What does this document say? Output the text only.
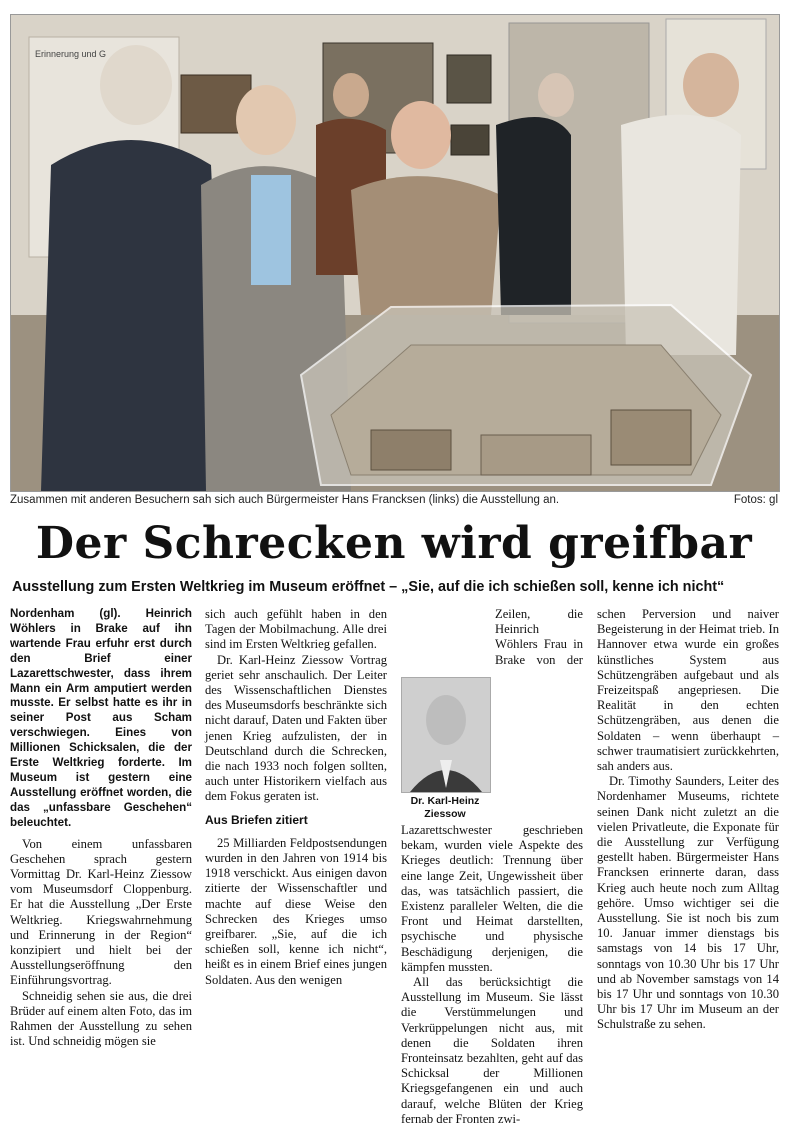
Erinnerung und G
Zusammen mit anderen Besuchern sah sich auch Bürgermeister Hans Francksen (links) die Ausstellung an.	Fotos: gl
Der Schrecken wird greifbar
Ausstellung zum Ersten Weltkrieg im Museum eröffnet – „Sie, auf die ich schießen soll, kenne ich nicht“

Nordenham (gl). Heinrich Wöhlers in Brake auf ihn wartende Frau erfuhr erst durch den Brief einer Lazarettschwester, dass ihrem Mann ein Arm amputiert werden musste. Er selbst hatte es ihr in seiner Post aus Scham verschwiegen. Eines von Millionen Schicksalen, die der Erste Weltkrieg forderte. Im Museum ist gestern eine Ausstellung eröffnet worden, die das „unfassbare Geschehen“ beleuchtet.

Von einem unfassbaren Geschehen sprach gestern Vormittag Dr. Karl-Heinz Ziessow vom Museumsdorf Cloppenburg. Er hat die Ausstellung „Der Erste Weltkrieg. Kriegswahrnehmung und Erinnerung in der Region“ konzipiert und hielt bei der Ausstellungseröffnung den Einführungsvortrag.

Schneidig sehen sie aus, die drei Brüder auf einem alten Foto, das im Rahmen der Ausstellung zu sehen ist. Und schneidig mögen sie

sich auch gefühlt haben in den Tagen der Mobilmachung. Alle drei sind im Ersten Weltkrieg gefallen.

Dr. Karl-Heinz Ziessow Vortrag geriet sehr anschaulich. Der Leiter des Wissenschaftlichen Dienstes des Museumsdorfs beschränkte sich nicht darauf, Daten und Fakten über jenen Krieg aufzulisten, der in Deutschland durch die Schrecken, die nach 1933 noch folgen sollten, auch unter Historikern vielfach aus dem Fokus geraten ist.

Aus Briefen zitiert

25 Milliarden Feldpostsendungen wurden in den Jahren von 1914 bis 1918 verschickt. Aus einigen davon zitierte der Wissenschaftler und machte auf diese Weise den Schrecken des Krieges umso greifbarer. „Sie, auf die ich schießen soll, kenne ich nicht“, heißt es in einem Brief eines jungen Soldaten. Aus den wenigen

Zeilen, die Heinrich Wöhlers Frau in Brake von der Lazarettschwester geschrieben bekam, wurden viele Aspekte des Krieges deutlich: Trennung über eine lange Zeit, Ungewissheit über das, was tatsächlich passiert, die Existenz paralleler Welten, die die Front und Heimat darstellten, psychische und physische Beschädigung derjenigen, die kämpfen mussten.

All das berücksichtigt die Ausstellung im Museum. Sie lässt die Verstümmelungen und Verkrüppelungen nicht aus, mit denen die Soldaten ihren Fronteinsatz bezahlten, geht auf das Schicksal der Millionen Kriegsgefangenen ein und auch darauf, welche Blüten der Krieg fernab der Fronten zwi-

Dr. Karl-Heinz Ziessow

schen Perversion und naiver Begeisterung in der Heimat trieb. In Hannover etwa wurde ein großes künstliches System aus Schützengräben aufgebaut und als Freizeitspaß angepriesen. Die Realität in den echten Schützengräben, aus denen die Soldaten – wenn überhaupt – schwer traumatisiert zurückkehrten, sah anders aus.

Dr. Timothy Saunders, Leiter des Nordenhamer Museums, richtete seinen Dank nicht zuletzt an die vielen Privatleute, die Exponate für die Ausstellung zur Verfügung gestellt haben. Bürgermeister Hans Francksen erinnerte daran, dass Krieg auch heute noch zum Alltag gehöre. Umso wichtiger sei die Ausstellung. Sie ist noch bis zum 10. Januar immer dienstags bis samstags von 14 bis 17 Uhr, sonntags von 10.30 Uhr bis 17 Uhr und ab November samstags von 14 bis 17 Uhr und sonntags von 10.30 Uhr bis 17 Uhr im Museum an der Schulstraße zu sehen.
